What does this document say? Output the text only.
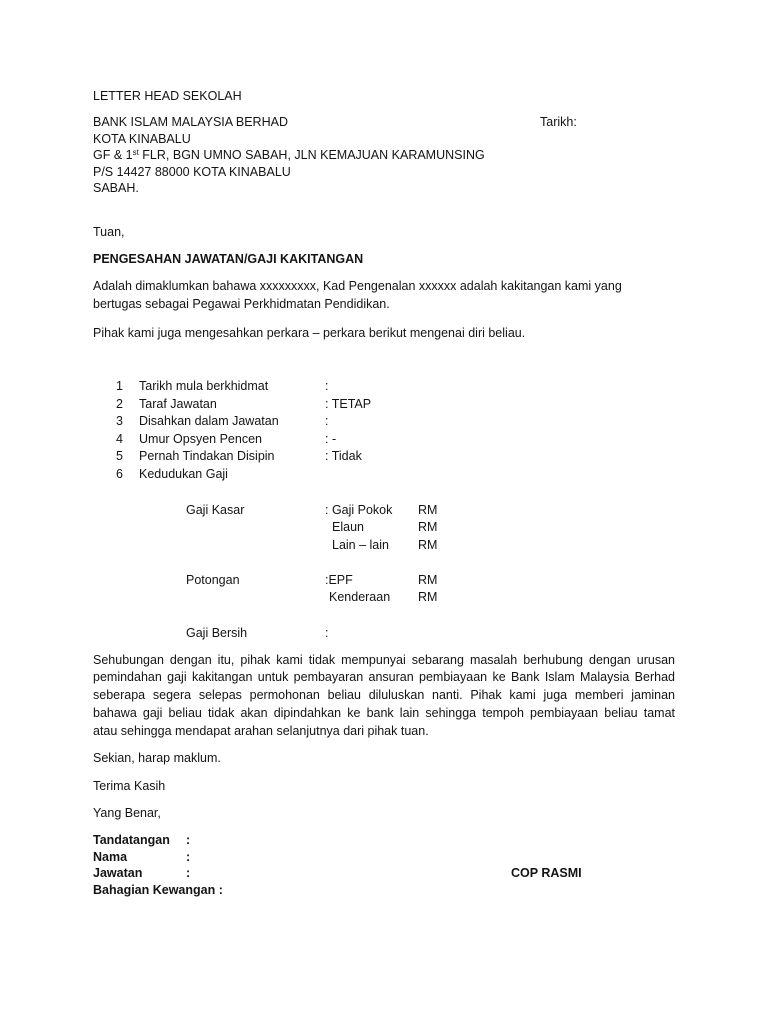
LETTER HEAD SEKOLAH
BANK ISLAM MALAYSIA BERHAD
KOTA KINABALU
GF & 1st FLR, BGN UMNO SABAH, JLN KEMAJUAN KARAMUNSING
P/S 14427 88000 KOTA KINABALU
SABAH.
Tarikh:
Tuan,
PENGESAHAN JAWATAN/GAJI KAKITANGAN
Adalah dimaklumkan bahawa xxxxxxxxx, Kad Pengenalan xxxxxx adalah kakitangan kami yang
bertugas sebagai Pegawai Perkhidmatan Pendidikan.
Pihak kami juga mengesahkan perkara – perkara berikut mengenai diri beliau.
1 Tarikh mula berkhidmat	:
2 Taraf Jawatan	: TETAP
3 Disahkan dalam Jawatan	:
4 Umur Opsyen Pencen	: -
5 Pernah Tindakan Disipin	: Tidak
6 Kedudukan Gaji
Gaji Kasar	: Gaji Pokok RM
Elaun	RM
Lain – lain RM
Potongan	:EPF	RM
Kenderaan RM
Gaji Bersih	:
Sehubungan dengan itu, pihak kami tidak mempunyai sebarang masalah berhubung dengan urusan
pemindahan gaji kakitangan untuk pembayaran ansuran pembiayaan ke Bank Islam Malaysia Berhad
seberapa segera selepas permohonan beliau diluluskan nanti. Pihak kami juga memberi jaminan
bahawa gaji beliau tidak akan dipindahkan ke bank lain sehingga tempoh pembiayaan beliau tamat
atau sehingga mendapat arahan selanjutnya dari pihak tuan.
Sekian, harap maklum.
Terima Kasih
Yang Benar,
Tandatangan :
Nama	:
Jawatan	:	COP RASMI
Bahagian Kewangan :
